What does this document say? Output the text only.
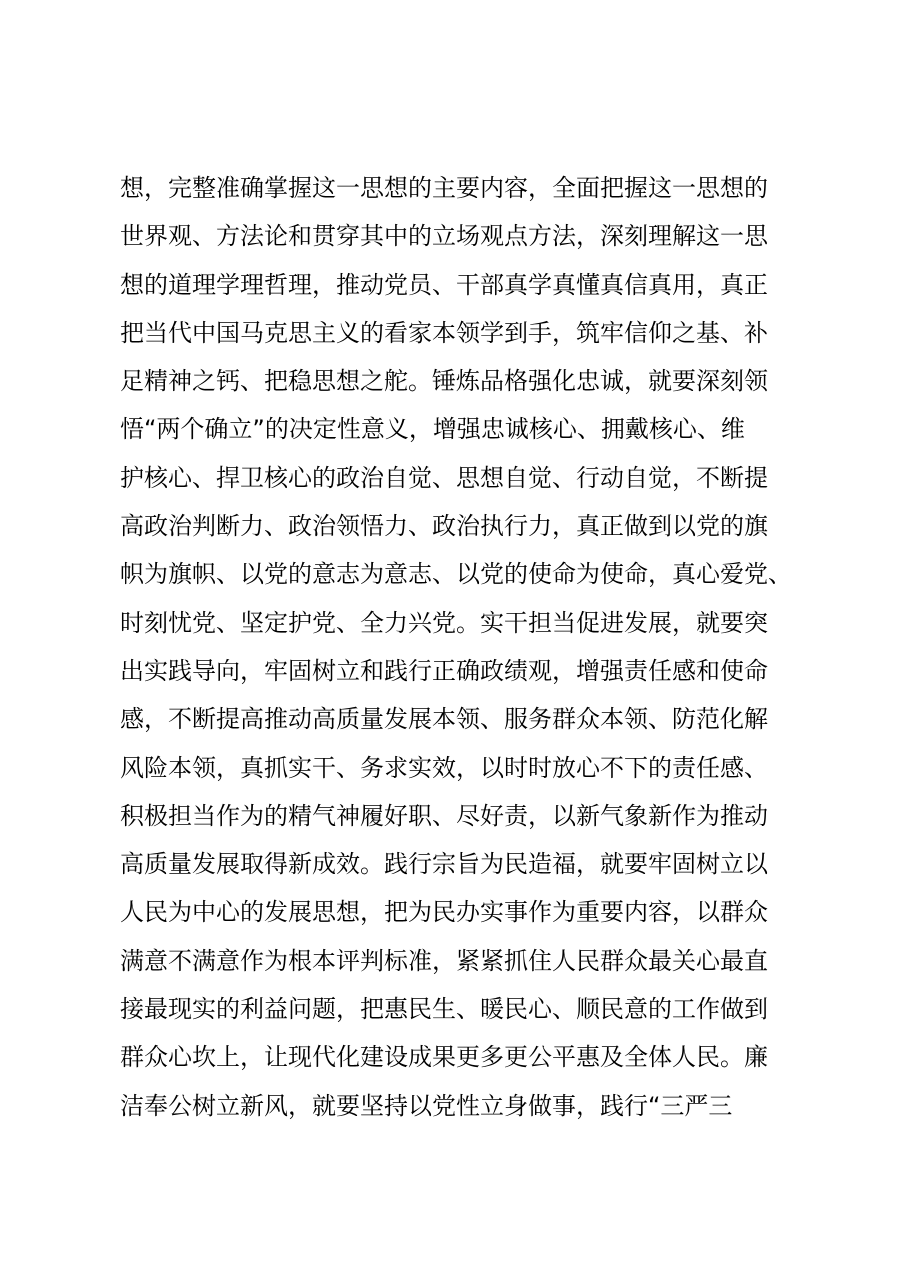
想，完整准确掌握这一思想的主要内容，全面把握这一思想的
世界观、方法论和贯穿其中的立场观点方法，深刻理解这一思
想的道理学理哲理，推动党员、干部真学真懂真信真用，真正
把当代中国马克思主义的看家本领学到手，筑牢信仰之基、补
足精神之钙、把稳思想之舵。锤炼品格强化忠诚，就要深刻领
悟“两个确立”的决定性意义，增强忠诚核心、拥戴核心、维
护核心、捍卫核心的政治自觉、思想自觉、行动自觉，不断提
高政治判断力、政治领悟力、政治执行力，真正做到以党的旗
帜为旗帜、以党的意志为意志、以党的使命为使命，真心爱党、
时刻忧党、坚定护党、全力兴党。实干担当促进发展，就要突
出实践导向，牢固树立和践行正确政绩观，增强责任感和使命
感，不断提高推动高质量发展本领、服务群众本领、防范化解
风险本领，真抓实干、务求实效，以时时放心不下的责任感、
积极担当作为的精气神履好职、尽好责，以新气象新作为推动
高质量发展取得新成效。践行宗旨为民造福，就要牢固树立以
人民为中心的发展思想，把为民办实事作为重要内容，以群众
满意不满意作为根本评判标准，紧紧抓住人民群众最关心最直
接最现实的利益问题，把惠民生、暖民心、顺民意的工作做到
群众心坎上，让现代化建设成果更多更公平惠及全体人民。廉
洁奉公树立新风，就要坚持以党性立身做事，践行“三严三
